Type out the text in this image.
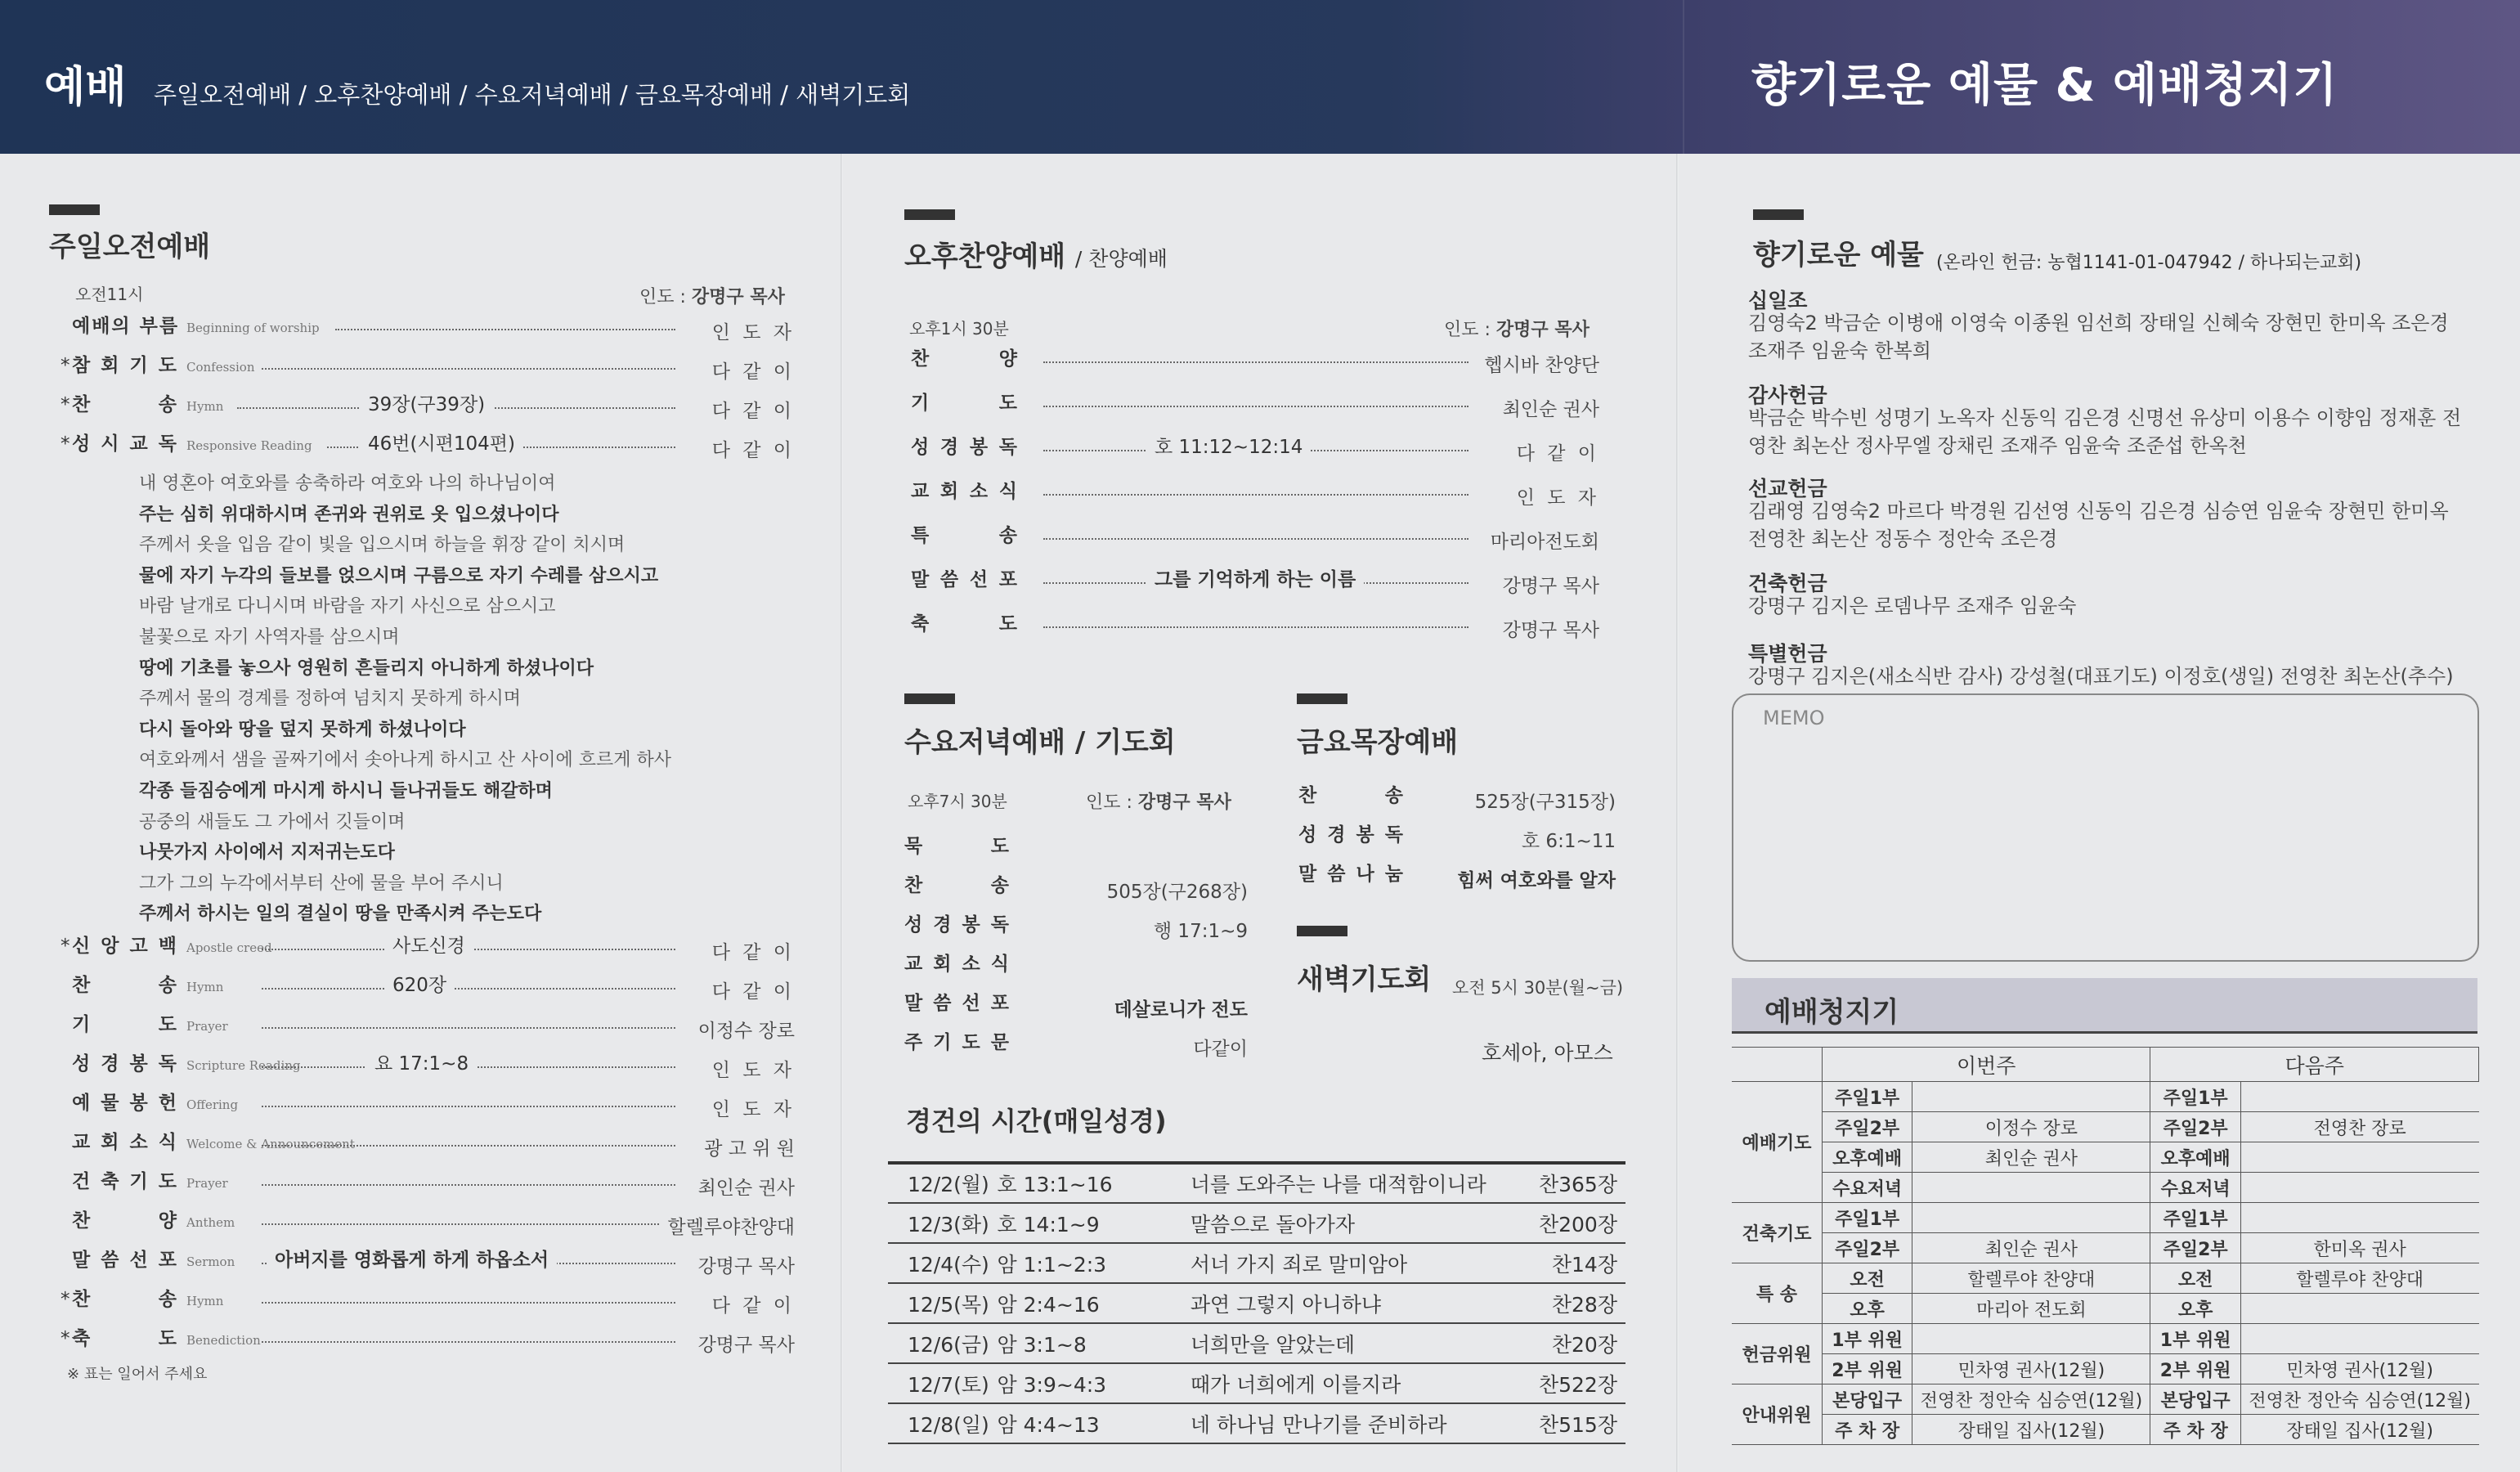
예배 주일오전예배 / 오후찬양예배 / 수요저녁예배 / 금요목장예배 / 새벽기도회	향기로운 예물 & 예배청지기
주일오전예배
오전11시	인도 : 강명구 목사
예배의 부름 Beginning of worship	인 도 자
* 참 회 기 도 Confession	다 같 이
* 찬 송 Hymn	39장(구39장)	다 같 이
* 성 시 교 독 Responsive Reading	46번(시편104편)	다 같 이
내 영혼아 여호와를 송축하라 여호와 나의 하나님이여
주는 심히 위대하시며 존귀와 권위로 옷 입으셨나이다
주께서 옷을 입음 같이 빛을 입으시며 하늘을 휘장 같이 치시며
물에 자기 누각의 들보를 얹으시며 구름으로 자기 수레를 삼으시고
바람 날개로 다니시며 바람을 자기 사신으로 삼으시고
불꽃으로 자기 사역자를 삼으시며
땅에 기초를 놓으사 영원히 흔들리지 아니하게 하셨나이다
주께서 물의 경계를 정하여 넘치지 못하게 하시며
다시 돌아와 땅을 덮지 못하게 하셨나이다
여호와께서 샘을 골짜기에서 솟아나게 하시고 산 사이에 흐르게 하사
각종 들짐승에게 마시게 하시니 들나귀들도 해갈하며
공중의 새들도 그 가에서 깃들이며
나뭇가지 사이에서 지저귀는도다
그가 그의 누각에서부터 산에 물을 부어 주시니
주께서 하시는 일의 결실이 땅을 만족시켜 주는도다
* 신 앙 고 백 Apostle creed	사도신경	다 같 이
찬 송 Hymn	620장	다 같 이
기 도 Prayer	이정수 장로
성 경 봉 독 Scripture Reading	요 17:1~8	인 도 자
예 물 봉 헌 Offering	인 도 자
교 회 소 식 Welcome & Announcement	광 고 위 원
건 축 기 도 Prayer	최인순 권사
찬 양 Anthem	할렐루야찬양대
말 씀 선 포 Sermon	아버지를 영화롭게 하게 하옵소서	강명구 목사
* 찬 송 Hymn	다 같 이
* 축 도 Benediction	강명구 목사
※ 표는 일어서 주세요
오후찬양예배 / 찬양예배
오후1시 30분	인도 : 강명구 목사
찬 양	헵시바 찬양단
기 도	최인순 권사
성 경 봉 독	호 11:12~12:14	다 같 이
교 회 소 식	인 도 자
특 송	마리아전도회
말 씀 선 포	그를 기억하게 하는 이름	강명구 목사
축 도	강명구 목사
수요저녁예배 / 기도회
오후7시 30분	인도 : 강명구 목사
묵 도
찬 송	505장(구268장)
성 경 봉 독	행 17:1~9
교 회 소 식
말 씀 선 포	데살로니가 전도
주 기 도 문	다같이
금요목장예배
찬 송	525장(구315장)
성 경 봉 독	호 6:1~11
말 씀 나 눔	힘써 여호와를 알자
새벽기도회 오전 5시 30분(월~금)
호세아, 아모스
경건의 시간(매일성경)
12/2(월)	호 13:1~16	너를 도와주는 나를 대적함이니라	찬365장
12/3(화)	호 14:1~9	말씀으로 돌아가자	찬200장
12/4(수)	암 1:1~2:3	서너 가지 죄로 말미암아	찬14장
12/5(목)	암 2:4~16	과연 그렇지 아니하냐	찬28장
12/6(금)	암 3:1~8	너희만을 알았는데	찬20장
12/7(토)	암 3:9~4:3	때가 너희에게 이를지라	찬522장
12/8(일)	암 4:4~13	네 하나님 만나기를 준비하라	찬515장
향기로운 예물 (온라인 헌금: 농협1141-01-047942 / 하나되는교회)
십일조
김영숙2 박금순 이병애 이영숙 이종원 임선희 장태일 신혜숙 장현민 한미옥 조은경 조재주 임윤숙 한복희
감사헌금
박금순 박수빈 성명기 노옥자 신동익 김은경 신명선 유상미 이용수 이향임 정재훈 전영찬 최논산 정사무엘 장채린 조재주 임윤숙 조준섭 한옥천
선교헌금
김래영 김영숙2 마르다 박경원 김선영 신동익 김은경 심승연 임윤숙 장현민 한미옥 전영찬 최논산 정동수 정안숙 조은경
건축헌금
강명구 김지은 로뎀나무 조재주 임윤숙
특별헌금
강명구 김지은(새소식반 감사) 강성철(대표기도) 이정호(생일) 전영찬 최논산(추수)
MEMO
예배청지기
	이번주		다음주	
예배기도	주일1부		주일1부	
	주일2부	이정수 장로	주일2부	전영찬 장로
	오후예배	최인순 권사	오후예배	
	수요저녁		수요저녁	
건축기도	주일1부		주일1부	
	주일2부	최인순 권사	주일2부	한미옥 권사
특 송	오전	할렐루야 찬양대	오전	할렐루야 찬양대
	오후	마리아 전도회	오후	
헌금위원	1부 위원		1부 위원	
	2부 위원	민차영 권사(12월)	2부 위원	민차영 권사(12월)
안내위원	본당입구	전영찬 정안숙 심승연(12월)	본당입구	전영찬 정안숙 심승연(12월)
	주 차 장	장태일 집사(12월)	주 차 장	장태일 집사(12월)
